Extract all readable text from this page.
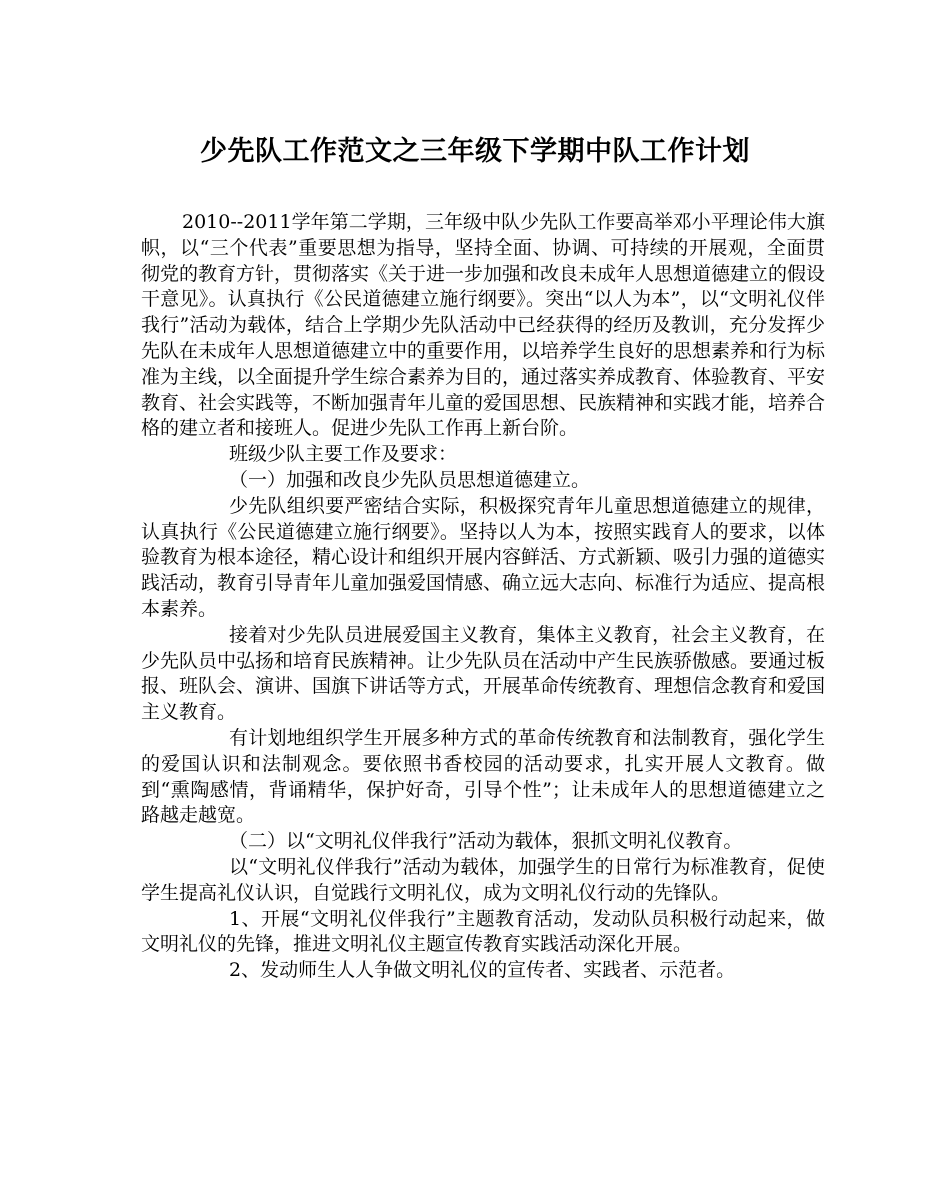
少先队工作范文之三年级下学期中队工作计划

2010--2011学年第二学期，三年级中队少先队工作要高举邓小平理论伟大旗帜，以“三个代表”重要思想为指导，坚持全面、协调、可持续的开展观，全面贯彻党的教育方针，贯彻落实《关于进一步加强和改良未成年人思想道德建立的假设干意见》。认真执行《公民道德建立施行纲要》。突出“以人为本”，以“文明礼仪伴我行”活动为载体，结合上学期少先队活动中已经获得的经历及教训，充分发挥少先队在未成年人思想道德建立中的重要作用，以培养学生良好的思想素养和行为标准为主线，以全面提升学生综合素养为目的，通过落实养成教育、体验教育、平安教育、社会实践等，不断加强青年儿童的爱国思想、民族精神和实践才能，培养合格的建立者和接班人。促进少先队工作再上新台阶。

班级少队主要工作及要求：

（一）加强和改良少先队员思想道德建立。

少先队组织要严密结合实际，积极探究青年儿童思想道德建立的规律，认真执行《公民道德建立施行纲要》。坚持以人为本，按照实践育人的要求，以体验教育为根本途径，精心设计和组织开展内容鲜活、方式新颖、吸引力强的道德实践活动，教育引导青年儿童加强爱国情感、确立远大志向、标准行为适应、提高根本素养。

接着对少先队员进展爱国主义教育，集体主义教育，社会主义教育，在少先队员中弘扬和培育民族精神。让少先队员在活动中产生民族骄傲感。要通过板报、班队会、演讲、国旗下讲话等方式，开展革命传统教育、理想信念教育和爱国主义教育。

有计划地组织学生开展多种方式的革命传统教育和法制教育，强化学生的爱国认识和法制观念。要依照书香校园的活动要求，扎实开展人文教育。做到“熏陶感情，背诵精华，保护好奇，引导个性”；让未成年人的思想道德建立之路越走越宽。

（二）以“文明礼仪伴我行”活动为载体，狠抓文明礼仪教育。

以“文明礼仪伴我行”活动为载体，加强学生的日常行为标准教育，促使学生提高礼仪认识，自觉践行文明礼仪，成为文明礼仪行动的先锋队。

1、开展“文明礼仪伴我行”主题教育活动，发动队员积极行动起来，做文明礼仪的先锋，推进文明礼仪主题宣传教育实践活动深化开展。

2、发动师生人人争做文明礼仪的宣传者、实践者、示范者。
